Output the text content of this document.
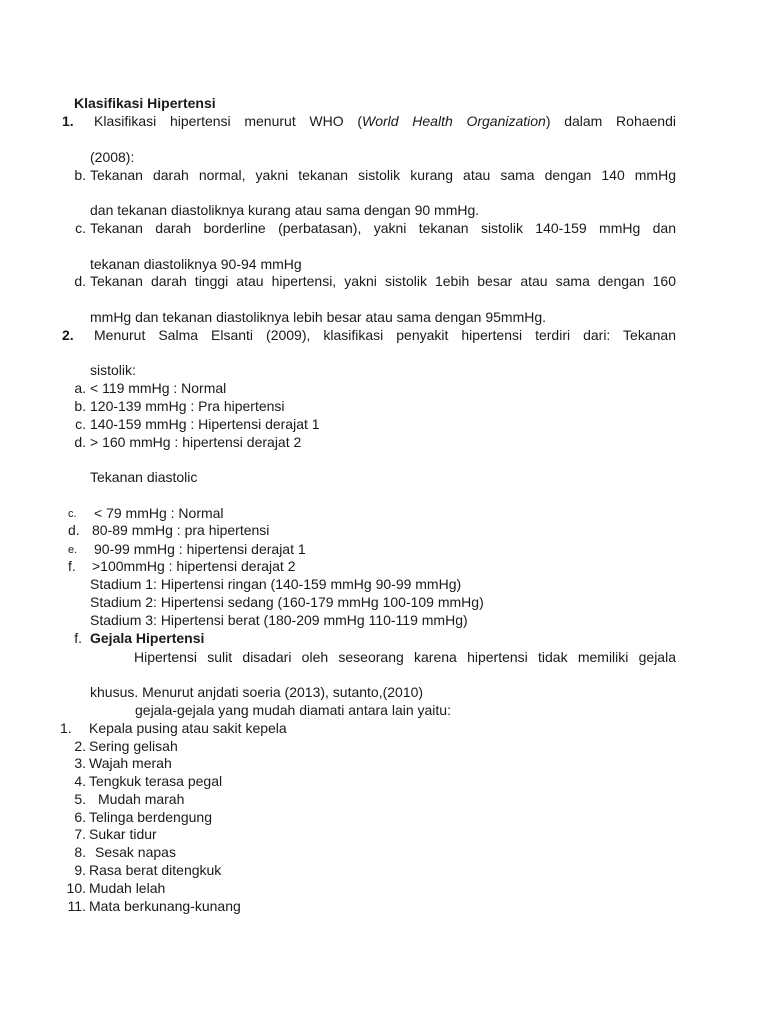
Klasifikasi Hipertensi
1.	Klasifikasi hipertensi menurut WHO (World Health Organization) dalam Rohaendi
(2008):
b. Tekanan darah normal, yakni tekanan sistolik kurang atau sama dengan 140 mmHg
dan tekanan diastoliknya kurang atau sama dengan 90 mmHg.
c. Tekanan darah borderline (perbatasan), yakni tekanan sistolik 140-159 mmHg dan
tekanan diastoliknya 90-94 mmHg
d. Tekanan darah tinggi atau hipertensi, yakni sistolik 1ebih besar atau sama dengan 160
mmHg dan tekanan diastoliknya lebih besar atau sama dengan 95mmHg.
2.	Menurut Salma Elsanti (2009), klasifikasi penyakit hipertensi terdiri dari: Tekanan
sistolik:
a. < 119 mmHg : Normal
b. 120-139 mmHg : Pra hipertensi
c. 140-159 mmHg : Hipertensi derajat 1
d. > 160 mmHg : hipertensi derajat 2
Tekanan diastolic
c. < 79 mmHg : Normal
d. 80-89 mmHg : pra hipertensi
e. 90-99 mmHg : hipertensi derajat 1
f. >100mmHg : hipertensi derajat 2
Stadium 1: Hipertensi ringan (140-159 mmHg 90-99 mmHg)
Stadium 2: Hipertensi sedang (160-179 mmHg 100-109 mmHg)
Stadium 3: Hipertensi berat (180-209 mmHg 110-119 mmHg)
f. Gejala Hipertensi
Hipertensi sulit disadari oleh seseorang karena hipertensi tidak memiliki gejala
khusus. Menurut anjdati soeria (2013), sutanto,(2010)
gejala-gejala yang mudah diamati antara lain yaitu:
1.	Kepala pusing atau sakit kepela
2. Sering gelisah
3. Wajah merah
4. Tengkuk terasa pegal
5. Mudah marah
6. Telinga berdengung
7. Sukar tidur
8. Sesak napas
9. Rasa berat ditengkuk
10. Mudah lelah
11. Mata berkunang-kunang
